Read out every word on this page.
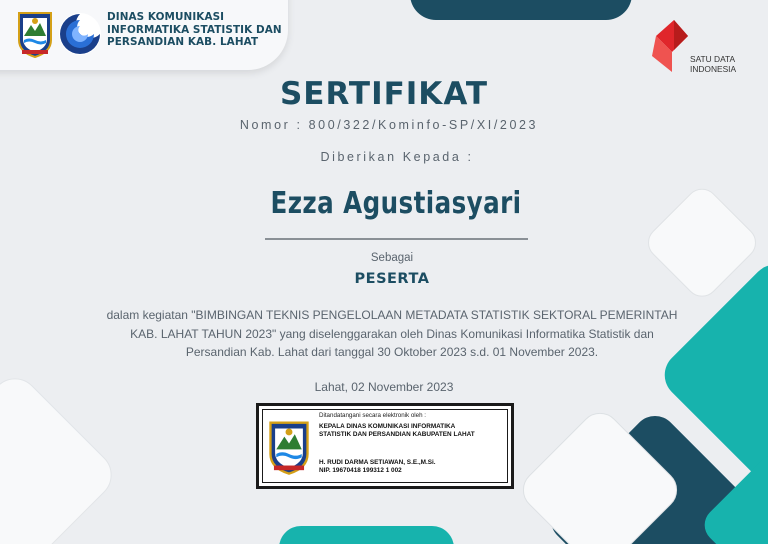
DINAS KOMUNIKASI
INFORMATIKA STATISTIK DAN
PERSANDIAN KAB. LAHAT
SATU DATA
INDONESIA
SERTIFIKAT
Nomor : 800/322/Kominfo-SP/XI/2023
Diberikan Kepada :
Ezza Agustiasyari
Sebagai
PESERTA
dalam kegiatan "BIMBINGAN TEKNIS PENGELOLAAN METADATA STATISTIK SEKTORAL PEMERINTAH KAB. LAHAT TAHUN 2023" yang diselenggarakan oleh Dinas Komunikasi Informatika Statistik dan Persandian Kab. Lahat dari tanggal 30 Oktober 2023 s.d. 01 November 2023.
Lahat, 02 November 2023
Ditandatangani secara elektronik oleh :
KEPALA DINAS KOMUNIKASI INFORMATIKA
STATISTIK DAN PERSANDIAN KABUPATEN LAHAT
H. RUDI DARMA SETIAWAN, S.E.,M.Si.
NIP. 19670418 199312 1 002
